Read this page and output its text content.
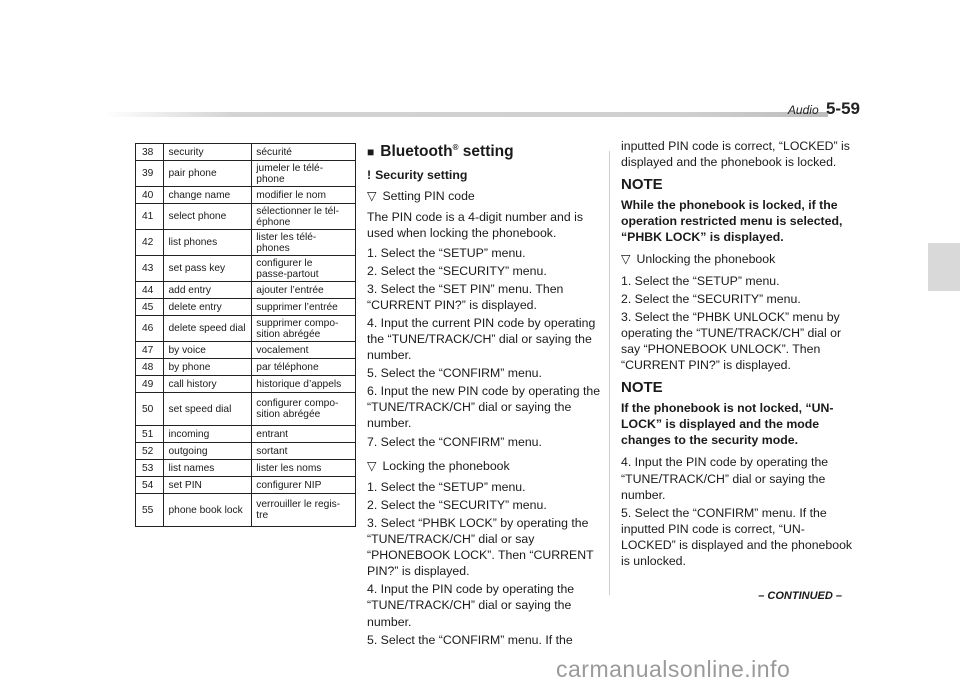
Audio 5-59
38	security	sécurité
39	pair phone	jumeler le télé-
phone
40	change name	modifier le nom
41	select phone	sélectionner le tél-
éphone
42	list phones	lister les télé-
phones
43	set pass key	configurer le
passe-partout
44	add entry	ajouter l’entrée
45	delete entry	supprimer l’entrée
46	delete speed dial	supprimer compo-
sition abrégée
47	by voice	vocalement
48	by phone	par téléphone
49	call history	historique d’appels
50	set speed dial	configurer compo-
sition abrégée
51	incoming	entrant
52	outgoing	sortant
53	list names	lister les noms
54	set PIN	configurer NIP
55	phone book lock	verrouiller le regis-
tre

■ Bluetooth® setting

! Security setting

▽ Setting PIN code

The PIN code is a 4-digit number and is used when locking the phonebook.

1. Select the “SETUP” menu.

2. Select the “SECURITY” menu.

3. Select the “SET PIN” menu. Then “CURRENT PIN?” is displayed.

4. Input the current PIN code by operating the “TUNE/TRACK/CH” dial or saying the number.

5. Select the “CONFIRM” menu.

6. Input the new PIN code by operating the “TUNE/TRACK/CH” dial or saying the number.

7. Select the “CONFIRM” menu.

▽ Locking the phonebook

1. Select the “SETUP” menu.

2. Select the “SECURITY” menu.

3. Select “PHBK LOCK” by operating the “TUNE/TRACK/CH” dial or say “PHONEBOOK LOCK”. Then “CURRENT PIN?” is displayed.

4. Input the PIN code by operating the “TUNE/TRACK/CH” dial or saying the number.

5. Select the “CONFIRM” menu. If the

inputted PIN code is correct, “LOCKED” is displayed and the phonebook is locked.

NOTE

While the phonebook is locked, if the operation restricted menu is selected, “PHBK LOCK” is displayed.

▽ Unlocking the phonebook

1. Select the “SETUP” menu.

2. Select the “SECURITY” menu.

3. Select the “PHBK UNLOCK” menu by operating the “TUNE/TRACK/CH” dial or say “PHONEBOOK UNLOCK”. Then “CURRENT PIN?” is displayed.

NOTE

If the phonebook is not locked, “UN-LOCK” is displayed and the mode changes to the security mode.

4. Input the PIN code by operating the “TUNE/TRACK/CH” dial or saying the number.

5. Select the “CONFIRM” menu. If the inputted PIN code is correct, “UN-LOCKED” is displayed and the phonebook is unlocked.

– CONTINUED –
carmanualsonline.info
